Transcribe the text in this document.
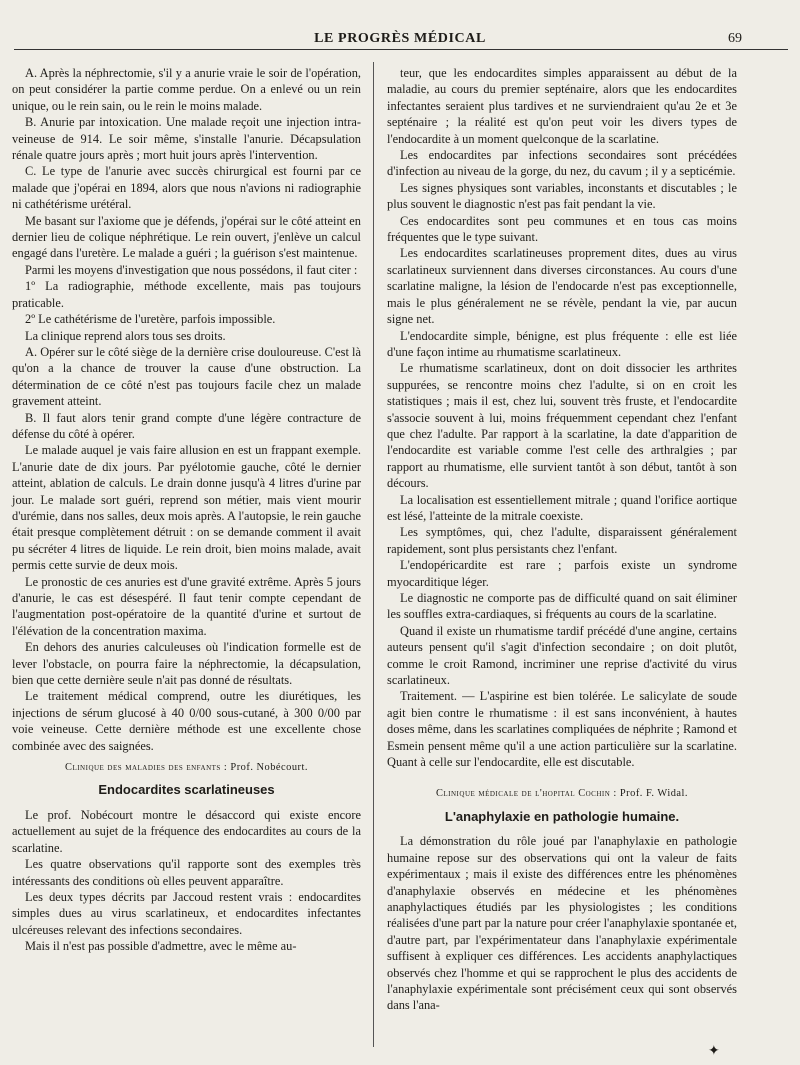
LE PROGRÈS MÉDICAL	69

A. Après la néphrectomie, s'il y a anurie vraie le soir de l'opération, on peut considérer la partie comme perdue. On a enlevé ou un rein unique, ou le rein sain, ou le rein le moins malade.

B. Anurie par intoxication. Une malade reçoit une injection intra-veineuse de 914. Le soir même, s'installe l'anurie. Décapsulation rénale quatre jours après ; mort huit jours après l'intervention.

C. Le type de l'anurie avec succès chirurgical est fourni par ce malade que j'opérai en 1894, alors que nous n'avions ni radiographie ni cathétérisme urétéral.

Me basant sur l'axiome que je défends, j'opérai sur le côté atteint en dernier lieu de colique néphrétique. Le rein ouvert, j'enlève un calcul engagé dans l'uretère. Le malade a guéri ; la guérison s'est maintenue.

Parmi les moyens d'investigation que nous possédons, il faut citer :

1º La radiographie, méthode excellente, mais pas toujours praticable.

2º Le cathétérisme de l'uretère, parfois impossible.

La clinique reprend alors tous ses droits.

A. Opérer sur le côté siège de la dernière crise douloureuse. C'est là qu'on a la chance de trouver la cause d'une obstruction. La détermination de ce côté n'est pas toujours facile chez un malade gravement atteint.

B. Il faut alors tenir grand compte d'une légère contracture de défense du côté à opérer.

Le malade auquel je vais faire allusion en est un frappant exemple. L'anurie date de dix jours. Par pyélotomie gauche, côté le dernier atteint, ablation de calculs. Le drain donne jusqu'à 4 litres d'urine par jour. Le malade sort guéri, reprend son métier, mais vient mourir d'urémie, dans nos salles, deux mois après. A l'autopsie, le rein gauche était presque complètement détruit : on se demande comment il avait pu sécréter 4 litres de liquide. Le rein droit, bien moins malade, avait permis cette survie de deux mois.

Le pronostic de ces anuries est d'une gravité extrême. Après 5 jours d'anurie, le cas est désespéré. Il faut tenir compte cependant de l'augmentation post-opératoire de la quantité d'urine et surtout de l'élévation de la concentration maxima.

En dehors des anuries calculeuses où l'indication formelle est de lever l'obstacle, on pourra faire la néphrectomie, la décapsulation, bien que cette dernière seule n'ait pas donné de résultats.

Le traitement médical comprend, outre les diurétiques, les injections de sérum glucosé à 40 0/00 sous-cutané, à 300 0/00 par voie veineuse. Cette dernière méthode est une excellente chose combinée avec des saignées.

Clinique des maladies des enfants : Prof. Nobécourt.
Endocardites scarlatineuses

Le prof. Nobécourt montre le désaccord qui existe encore actuellement au sujet de la fréquence des endocardites au cours de la scarlatine.

Les quatre observations qu'il rapporte sont des exemples très intéressants des conditions où elles peuvent apparaître.

Les deux types décrits par Jaccoud restent vrais : endocardites simples dues au virus scarlatineux, et endocardites infectantes ulcéreuses relevant des infections secondaires.

Mais il n'est pas possible d'admettre, avec le même au-

teur, que les endocardites simples apparaissent au début de la maladie, au cours du premier septénaire, alors que les endocardites infectantes seraient plus tardives et ne surviendraient qu'au 2e et 3e septénaire ; la réalité est qu'on peut voir les divers types de l'endocardite à un moment quelconque de la scarlatine.

Les endocardites par infections secondaires sont précédées d'infection au niveau de la gorge, du nez, du cavum ; il y a septicémie.

Les signes physiques sont variables, inconstants et discutables ; le plus souvent le diagnostic n'est pas fait pendant la vie.

Ces endocardites sont peu communes et en tous cas moins fréquentes que le type suivant.

Les endocardites scarlatineuses proprement dites, dues au virus scarlatineux surviennent dans diverses circonstances. Au cours d'une scarlatine maligne, la lésion de l'endocarde n'est pas exceptionnelle, mais le plus généralement ne se révèle, pendant la vie, par aucun signe net.

L'endocardite simple, bénigne, est plus fréquente : elle est liée d'une façon intime au rhumatisme scarlatineux.

Le rhumatisme scarlatineux, dont on doit dissocier les arthrites suppurées, se rencontre moins chez l'adulte, si on en croit les statistiques ; mais il est, chez lui, souvent très fruste, et l'endocardite s'associe souvent à lui, moins fréquemment cependant chez l'enfant que chez l'adulte. Par rapport à la scarlatine, la date d'apparition de l'endocardite est variable comme l'est celle des arthralgies ; par rapport au rhumatisme, elle survient tantôt à son début, tantôt à son décours.

La localisation est essentiellement mitrale ; quand l'orifice aortique est lésé, l'atteinte de la mitrale coexiste.

Les symptômes, qui, chez l'adulte, disparaissent généralement rapidement, sont plus persistants chez l'enfant.

L'endopéricardite est rare ; parfois existe un syndrome myocarditique léger.

Le diagnostic ne comporte pas de difficulté quand on sait éliminer les souffles extra-cardiaques, si fréquents au cours de la scarlatine.

Quand il existe un rhumatisme tardif précédé d'une angine, certains auteurs pensent qu'il s'agit d'infection secondaire ; on doit plutôt, comme le croit Ramond, incriminer une reprise d'activité du virus scarlatineux.

Traitement. — L'aspirine est bien tolérée. Le salicylate de soude agit bien contre le rhumatisme : il est sans inconvénient, à hautes doses même, dans les scarlatines compliquées de néphrite ; Ramond et Esmein pensent même qu'il a une action particulière sur la scarlatine. Quant à celle sur l'endocardite, elle est discutable.

Clinique médicale de l'hopital Cochin : Prof. F. Widal.
L'anaphylaxie en pathologie humaine.

La démonstration du rôle joué par l'anaphylaxie en pathologie humaine repose sur des observations qui ont la valeur de faits expérimentaux ; mais il existe des différences entre les phénomènes d'anaphylaxie observés en médecine et les phénomènes anaphylactiques étudiés par les physiologistes ; les conditions réalisées d'une part par la nature pour créer l'anaphylaxie spontanée et, d'autre part, par l'expérimentateur dans l'anaphylaxie expérimentale suffisent à expliquer ces différences. Les accidents anaphylactiques observés chez l'homme et qui se rapprochent le plus des accidents de l'anaphylaxie expérimentale sont précisément ceux qui sont observés dans l'ana-

✦
